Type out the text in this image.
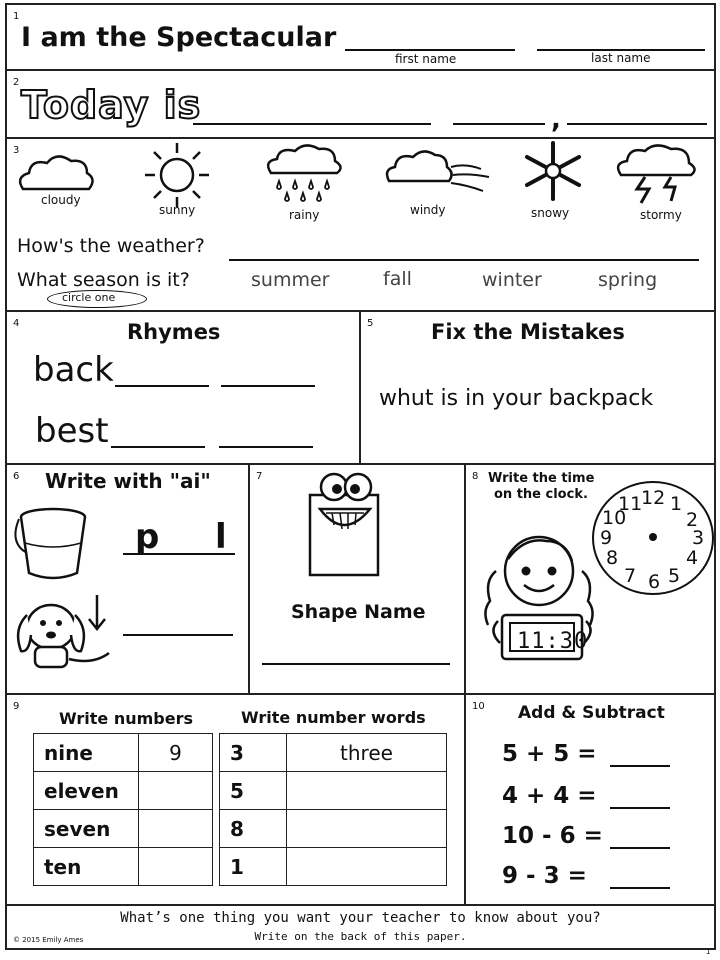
1
I am the Spectacular
first name	last name
2
Today is	,
3
cloudy
sunny	rainy	windy	snowy	stormy
How's the weather?
What season is it?
circle one
summer	fall	winter	spring
4	Rhymes
back
best
5	Fix the Mistakes
whut is in your backpack
6 Write with "ai"
p l
7
Shape Name
8 Write the time
on the clock.	12 1
2
3
4
5
6
7
8
9
10
11
11:30
9
Write numbers	Write number words
nine	9
eleven	
seven	
ten	
3	three
5	
8	
1	
10 Add & Subtract
5 + 5 =
4 + 4 =
10 - 6 =
9 - 3 =
What’s one thing you want your teacher to know about you?
Write on the back of this paper.
© 2015 Emily Ames
1
